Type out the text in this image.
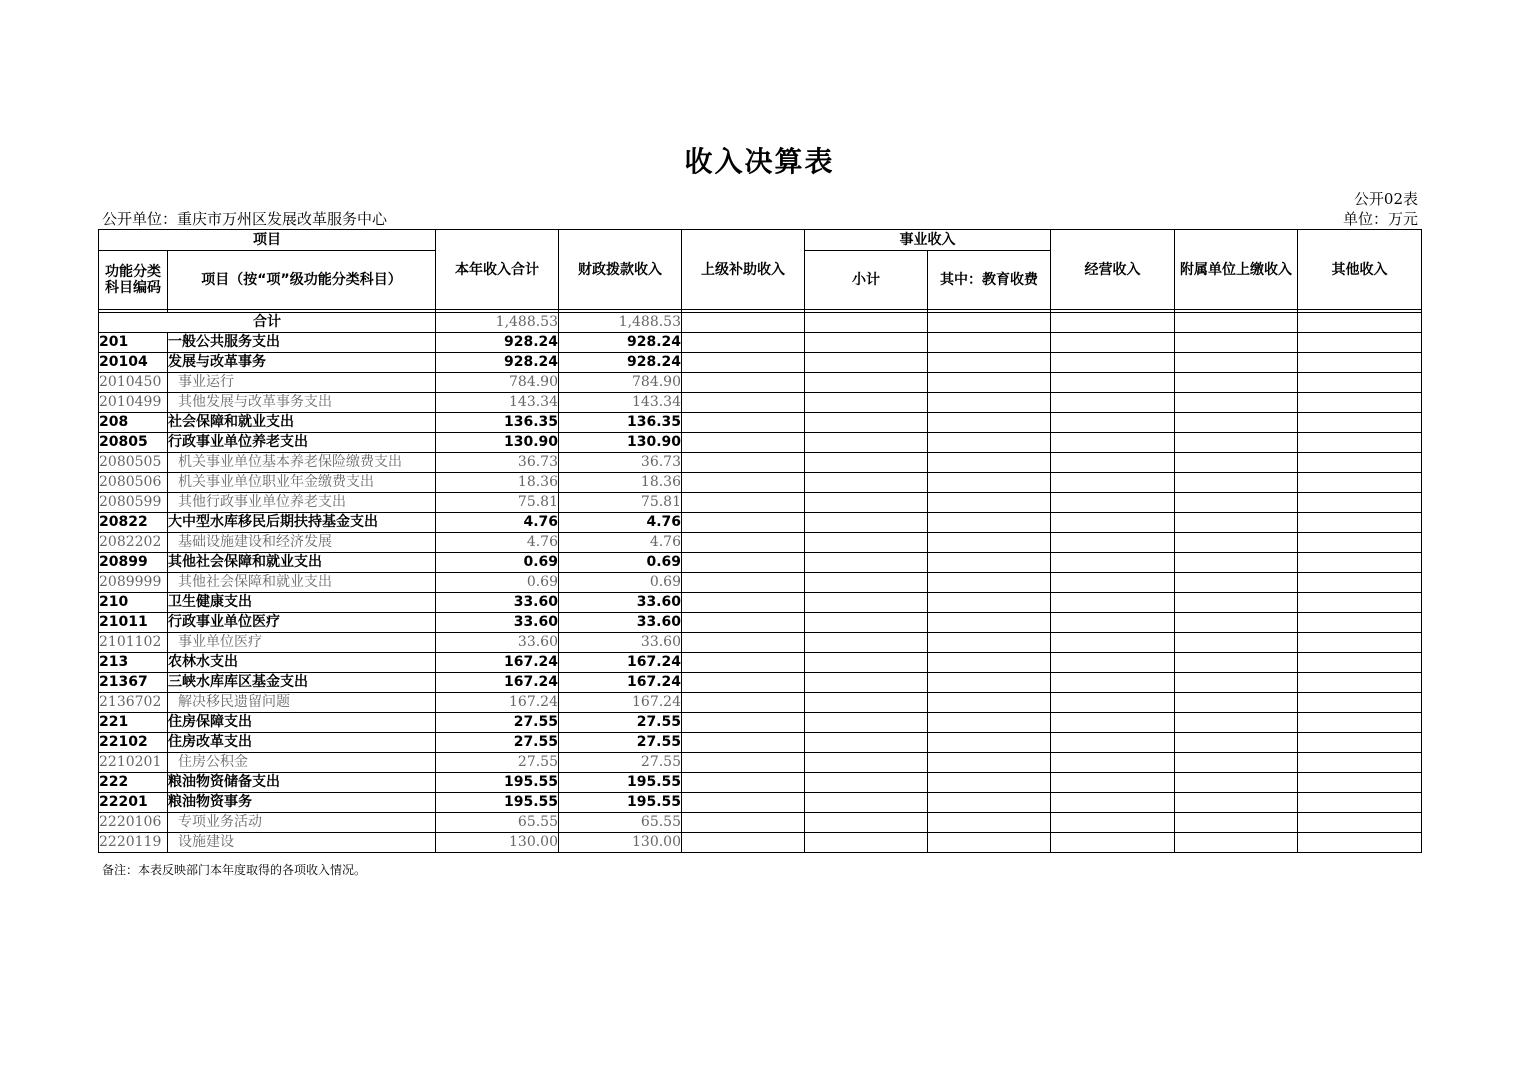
收入决算表
公开02表
公开单位：重庆市万州区发展改革服务中心	单位：万元
项目		本年收入合计	财政拨款收入	上级补助收入	事业收入		经营收入	附属单位上缴收入	其他收入
功能分类科目编码	项目（按“项”级功能分类科目）				小计	其中：教育收费			

合计		1,488.53	1,488.53						
201	一般公共服务支出	928.24	928.24						
20104	发展与改革事务	928.24	928.24						
2010450	事业运行	784.90	784.90						
2010499	其他发展与改革事务支出	143.34	143.34						
208	社会保障和就业支出	136.35	136.35						
20805	行政事业单位养老支出	130.90	130.90						
2080505	机关事业单位基本养老保险缴费支出	36.73	36.73						
2080506	机关事业单位职业年金缴费支出	18.36	18.36						
2080599	其他行政事业单位养老支出	75.81	75.81						
20822	大中型水库移民后期扶持基金支出	4.76	4.76						
2082202	基础设施建设和经济发展	4.76	4.76						
20899	其他社会保障和就业支出	0.69	0.69						
2089999	其他社会保障和就业支出	0.69	0.69						
210	卫生健康支出	33.60	33.60						
21011	行政事业单位医疗	33.60	33.60						
2101102	事业单位医疗	33.60	33.60						
213	农林水支出	167.24	167.24						
21367	三峡水库库区基金支出	167.24	167.24						
2136702	解决移民遗留问题	167.24	167.24						
221	住房保障支出	27.55	27.55						
22102	住房改革支出	27.55	27.55						
2210201	住房公积金	27.55	27.55						
222	粮油物资储备支出	195.55	195.55						
22201	粮油物资事务	195.55	195.55						
2220106	专项业务活动	65.55	65.55						
2220119	设施建设	130.00	130.00						
备注：本表反映部门本年度取得的各项收入情况。
